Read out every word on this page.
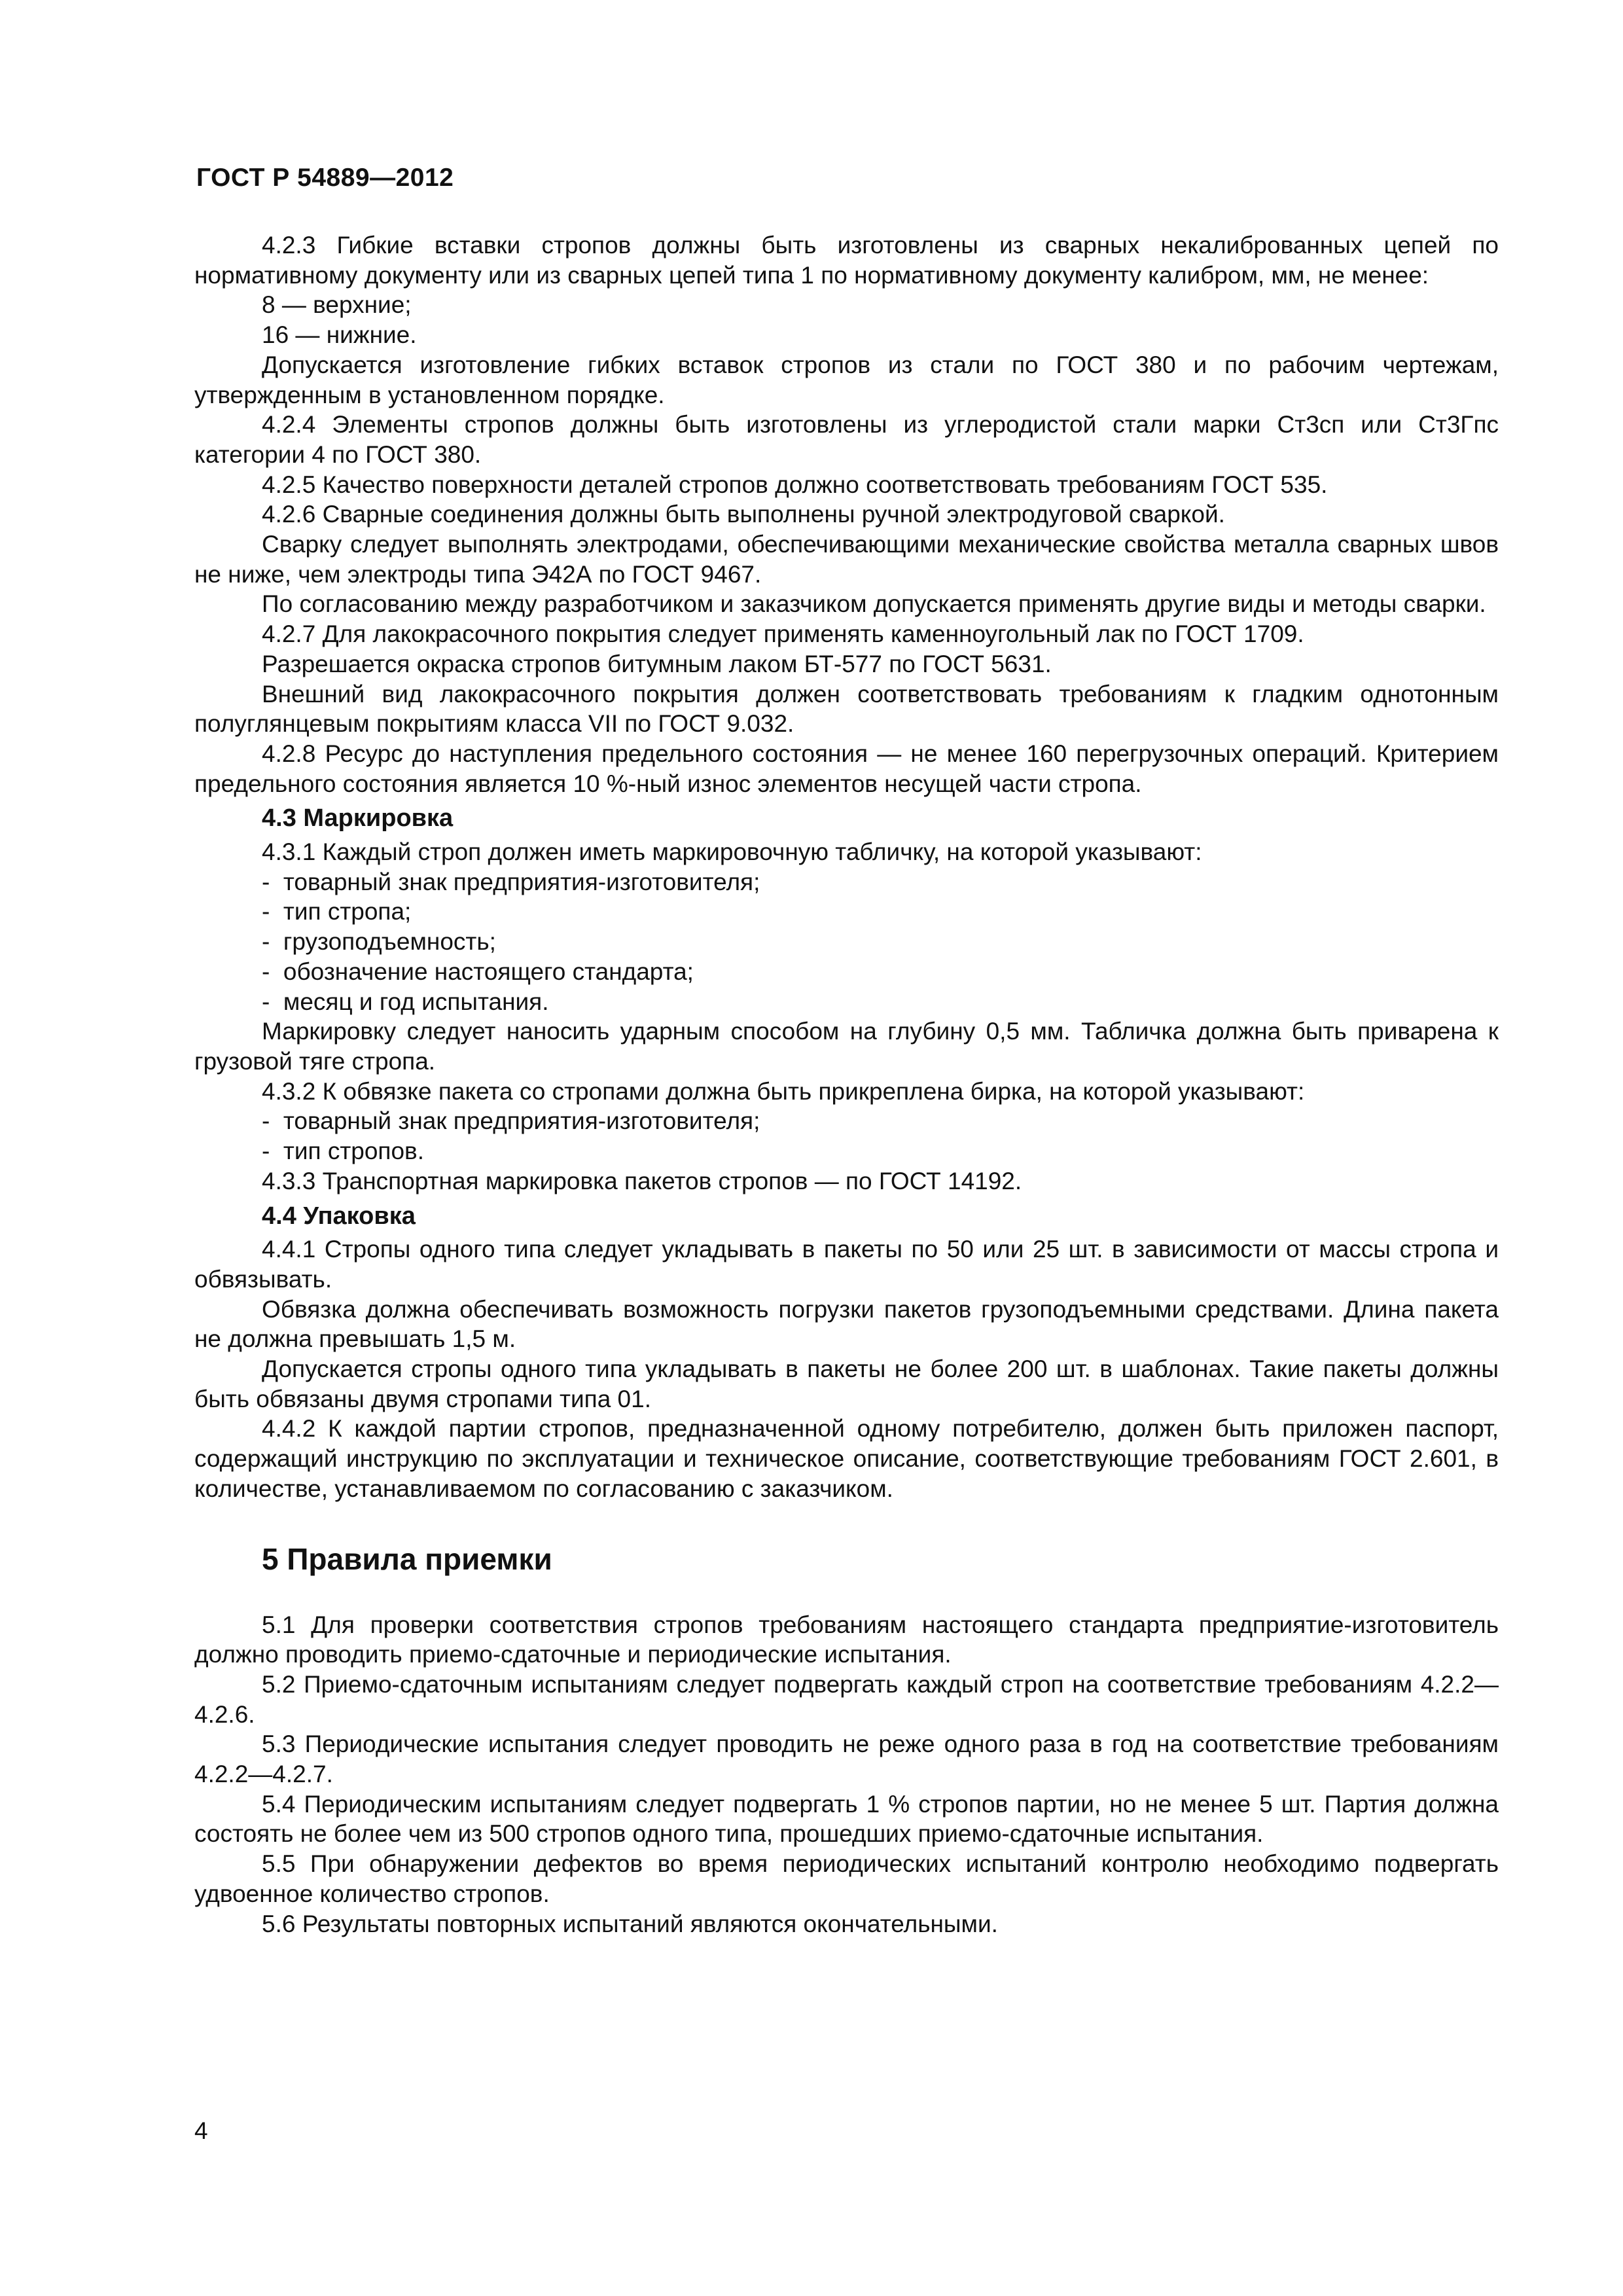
ГОСТ Р 54889—2012

4.2.3 Гибкие вставки стропов должны быть изготовлены из сварных некалиброванных цепей по нормативному документу или из сварных цепей типа 1 по нормативному документу калибром, мм, не менее:

8 — верхние;

16 — нижние.

Допускается изготовление гибких вставок стропов из стали по ГОСТ 380 и по рабочим чертежам, утвержденным в установленном порядке.

4.2.4 Элементы стропов должны быть изготовлены из углеродистой стали марки Ст3сп или Ст3Гпс категории 4 по ГОСТ 380.

4.2.5 Качество поверхности деталей стропов должно соответствовать требованиям ГОСТ 535.

4.2.6 Сварные соединения должны быть выполнены ручной электродуговой сваркой.

Сварку следует выполнять электродами, обеспечивающими механические свойства металла сварных швов не ниже, чем электроды типа Э42А по ГОСТ 9467.

По согласованию между разработчиком и заказчиком допускается применять другие виды и методы сварки.

4.2.7 Для лакокрасочного покрытия следует применять каменноугольный лак по ГОСТ 1709.

Разрешается окраска стропов битумным лаком БТ-577 по ГОСТ 5631.

Внешний вид лакокрасочного покрытия должен соответствовать требованиям к гладким однотонным полуглянцевым покрытиям класса VII по ГОСТ 9.032.

4.2.8 Ресурс до наступления предельного состояния — не менее 160 перегрузочных операций. Критерием предельного состояния является 10 %-ный износ элементов несущей части стропа.

4.3 Маркировка

4.3.1 Каждый строп должен иметь маркировочную табличку, на которой указывают:

-  товарный знак предприятия-изготовителя;

-  тип стропа;

-  грузоподъемность;

-  обозначение настоящего стандарта;

-  месяц и год испытания.

Маркировку следует наносить ударным способом на глубину 0,5 мм. Табличка должна быть приварена к грузовой тяге стропа.

4.3.2 К обвязке пакета со стропами должна быть прикреплена бирка, на которой указывают:

-  товарный знак предприятия-изготовителя;

-  тип стропов.

4.3.3 Транспортная маркировка пакетов стропов — по ГОСТ 14192.

4.4 Упаковка

4.4.1 Стропы одного типа следует укладывать в пакеты по 50 или 25 шт. в зависимости от массы стропа и обвязывать.

Обвязка должна обеспечивать возможность погрузки пакетов грузоподъемными средствами. Длина пакета не должна превышать 1,5 м.

Допускается стропы одного типа укладывать в пакеты не более 200 шт. в шаблонах. Такие пакеты должны быть обвязаны двумя стропами типа 01.

4.4.2 К каждой партии стропов, предназначенной одному потребителю, должен быть приложен паспорт, содержащий инструкцию по эксплуатации и техническое описание, соответствующие требованиям ГОСТ 2.601, в количестве, устанавливаемом по согласованию с заказчиком.

5 Правила приемки

5.1 Для проверки соответствия стропов требованиям настоящего стандарта предприятие-изготовитель должно проводить приемо-сдаточные и периодические испытания.

5.2 Приемо-сдаточным испытаниям следует подвергать каждый строп на соответствие требованиям 4.2.2—4.2.6.

5.3 Периодические испытания следует проводить не реже одного раза в год на соответствие требованиям 4.2.2—4.2.7.

5.4 Периодическим испытаниям следует подвергать 1 % стропов партии, но не менее 5 шт. Партия должна состоять не более чем из 500 стропов одного типа, прошедших приемо-сдаточные испытания.

5.5 При обнаружении дефектов во время периодических испытаний контролю необходимо подвергать удвоенное количество стропов.

5.6 Результаты повторных испытаний являются окончательными.

4
